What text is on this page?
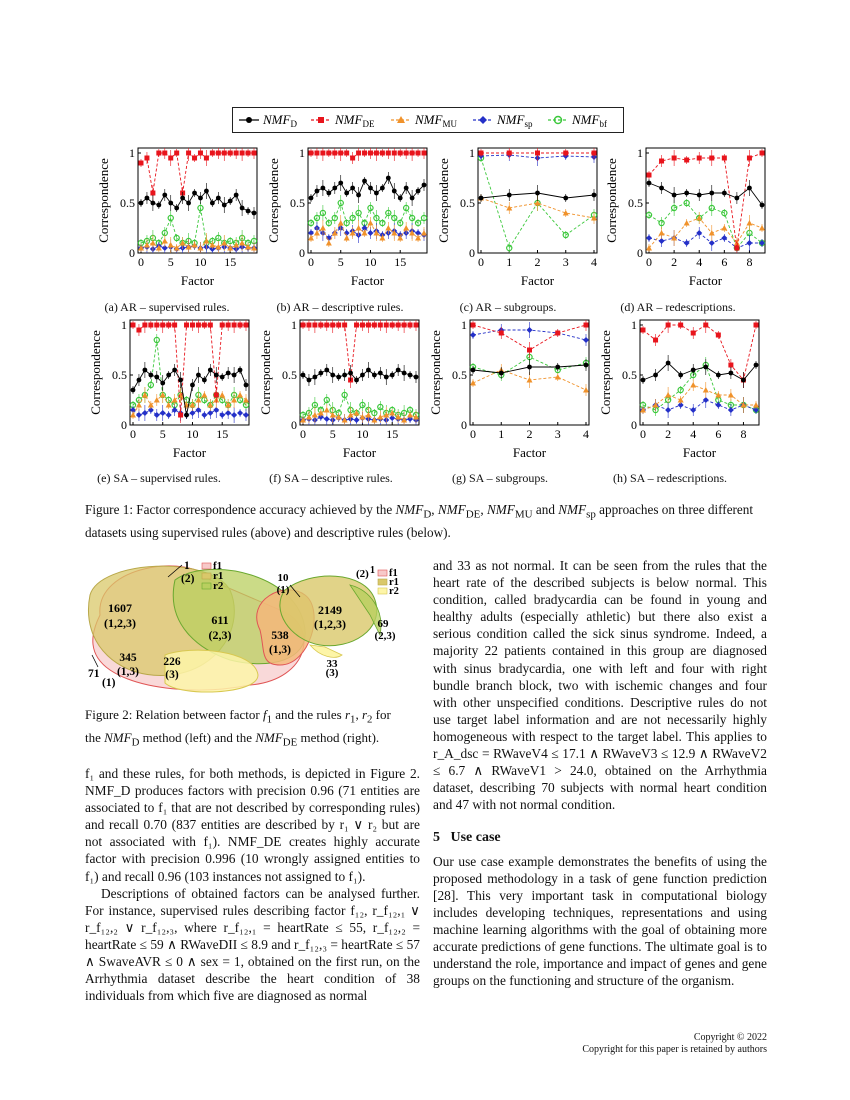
$NMF_D$	$NMF_{DE}$	$NMF_{MU}$	$NMF_{sp}$	$NMF_{bf}$
0
0.5
1
0 5 10 15
Factor
Correspondence
0
0.5
1
0 5 10 15
Factor
Correspondence
0
0.5
1
0 1 2 3 4
Factor
Correspondence
0
0.5
1
0 2 4 6 8
Factor
Correspondence
0
0.5
1
0 5 10 15
Factor
Correspondence
0
0.5
1
0 5 10 15
Factor
Correspondence
0
0.5
1
0 1 2 3 4
Factor
Correspondence
0
0.5
1
0 2 4 6 8
Factor
Correspondence
(a) AR – supervised rules.	(b) AR – descriptive rules.	(c) AR – subgroups.	(d) AR – redescriptions.
(e) SA – supervised rules.	(f) SA – descriptive rules.	(g) SA – subgroups.	(h) SA – redescriptions.
Figure 1: Factor correspondence accuracy achieved by the $NMF_D$, $NMF_{DE}$, $NMF_{MU}$ and $NMF_{sp}$ approaches on three different
datasets using supervised rules (above) and descriptive rules (below).
1607
(1,2,3)	611
(2,3)
345
(1,3)
226
(3)
71
(1)
1
(2)
f1
r1
r2
2149
(1,2,3)
538
(1,3)
69
(2,3)
33
(3)
10
(1)
(2) 1 f1
r1
r2
Figure 2: Relation between factor $f_1$ and the rules $r_1$, $r_2$ for
the $NMF_D$ method (left) and the $NMF_{DE}$ method (right).

f₁ and these rules, for both methods, is depicted in Figure 2. NMF_D produces factors with precision 0.96 (71 entities are associated to f₁ that are not described by corresponding rules) and recall 0.70 (837 entities are described by r₁ ∨ r₂ but are not associated with f₁). NMF_DE creates highly accurate factor with precision 0.996 (10 wrongly assigned entities to f₁) and recall 0.96 (103 instances not assigned to f₁).

Descriptions of obtained factors can be analysed further. For instance, supervised rules describing factor f₁₂, r_f₁₂,₁ ∨ r_f₁₂,₂ ∨ r_f₁₂,₃, where r_f₁₂,₁ = heartRate ≤ 55, r_f₁₂,₂ = heartRate ≤ 59 ∧ RWaveDII ≤ 8.9 and r_f₁₂,₃ = heartRate ≤ 57 ∧ SwaveAVR ≤ 0 ∧ sex = 1, obtained on the first run, on the Arrhythmia dataset describe the heart condition of 38 individuals from which five are diagnosed as normal

and 33 as not normal. It can be seen from the rules that the heart rate of the described subjects is below normal. This condition, called bradycardia can be found in young and healthy adults (especially athletic) but there also exist a serious condition called the sick sinus syndrome. Indeed, a majority 22 patients contained in this group are diagnosed with sinus bradycardia, one with left and four with right bundle branch block, two with ischemic changes and four with other unspecified conditions. Descriptive rules do not use target label information and are not necessarily highly homogeneous with respect to the target label. This applies to r_A_dsc = RWaveV4 ≤ 17.1 ∧ RWaveV3 ≤ 12.9 ∧ RWaveV2 ≤ 6.7 ∧ RWaveV1 > 24.0, obtained on the Arrhythmia dataset, describing 70 subjects with normal heart condition and 47 with not normal condition.

5 Use case

Our use case example demonstrates the benefits of using the proposed methodology in a task of gene function prediction [28]. This very important task in computational biology includes developing techniques, representations and using machine learning algorithms with the goal of obtaining more accurate predictions of gene functions. The ultimate goal is to understand the role, importance and impact of genes and gene groups on the functioning and structure of the organism.

Copyright © 2022
Copyright for this paper is retained by authors
